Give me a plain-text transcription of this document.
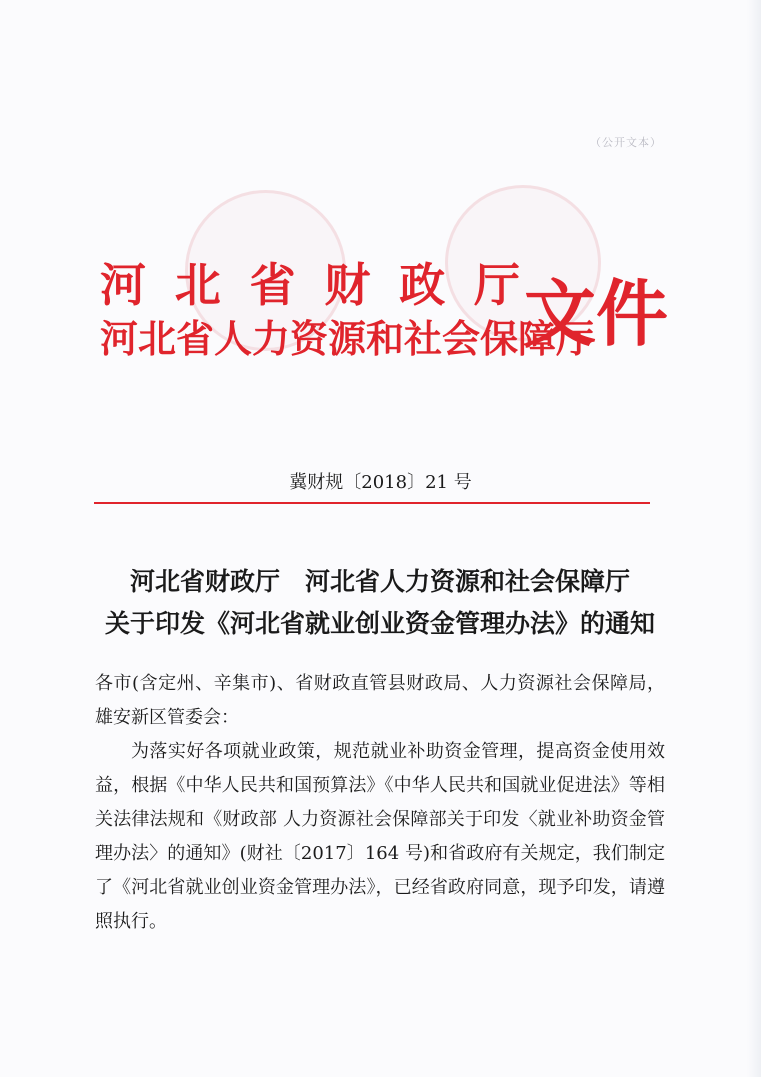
（公开文本）
河 北 省 财 政 厅
河北省人力资源和社会保障厅
文件
冀财规〔2018〕21 号
河北省财政厅　河北省人力资源和社会保障厅
关于印发《河北省就业创业资金管理办法》的通知

各市(含定州、辛集市)、省财政直管县财政局、人力资源社会保障局，雄安新区管委会：

为落实好各项就业政策，规范就业补助资金管理，提高资金使用效益，根据《中华人民共和国预算法》《中华人民共和国就业促进法》等相关法律法规和《财政部 人力资源社会保障部关于印发〈就业补助资金管理办法〉的通知》(财社〔2017〕164 号)和省政府有关规定，我们制定了《河北省就业创业资金管理办法》，已经省政府同意，现予印发，请遵照执行。
